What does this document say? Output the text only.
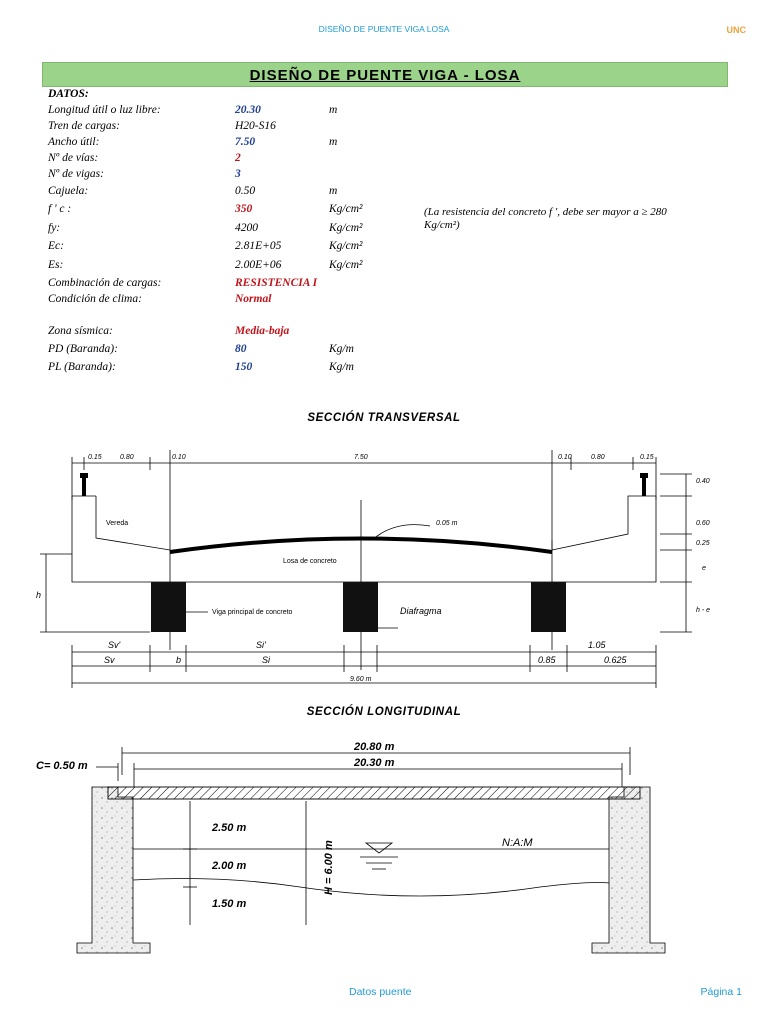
DISEÑO DE PUENTE VIGA LOSA	UNC
DISEÑO DE PUENTE VIGA - LOSA
DATOS:
Longitud útil o luz libre:	20.30	m
Tren de cargas:	H20-S16
Ancho útil:	7.50	m
Nº de vías:	2
Nº de vigas:	3
Cajuela:	0.50	m
f ' c :	350	Kg/cm²
fy:	4200	Kg/cm²
Ec:	2.81E+05	Kg/cm²
Es:	2.00E+06	Kg/cm²
Combinación de cargas:	RESISTENCIA I
Condición de clima:	Normal
Zona sísmica:	Media-baja
PD (Baranda):	80	Kg/m
PL (Baranda):	150	Kg/m
(La resistencia del concreto f ', debe ser mayor a ≥ 280 Kg/cm²)
SECCIÓN TRANSVERSAL
0.15	0.80	0.10	7.50	0.10	0.80	0.15
0.40
0.60
0.25
e
h - e
Vereda	0.05 m
Losa de concreto
Viga principal de concreto	Diafragma
h
Sv'	Si'	1.05
Sv	b	Si	0.85	0.625
9.60 m
SECCIÓN LONGITUDINAL
20.80 m
20.30 m
C= 0.50 m
2.50 m
2.00 m
1.50 m
N:A:M
H = 6.00 m
Datos puente	Página 1
